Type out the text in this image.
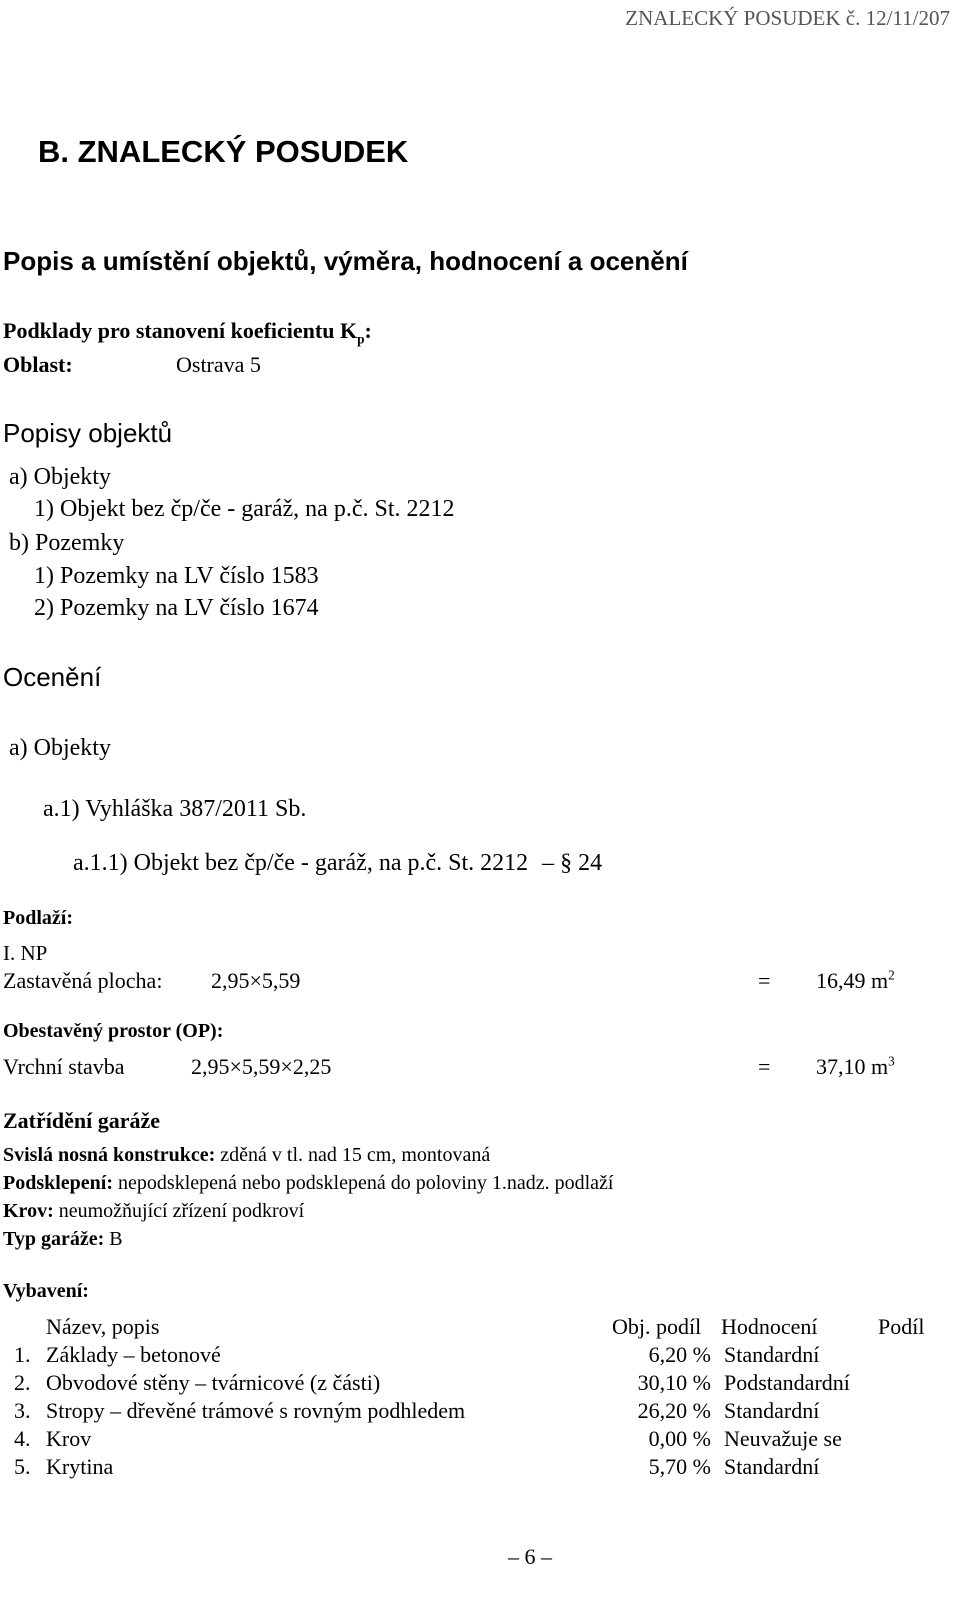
ZNALECKÝ POSUDEK č. 12/11/207
B. ZNALECKÝ POSUDEK
Popis a umístění objektů, výměra, hodnocení a ocenění
Podklady pro stanovení koeficientu $K_p$:
Oblast:	Ostrava 5
Popisy objektů
a) Objekty
1) Objekt bez čp/če - garáž, na p.č. St. 2212
b) Pozemky
1) Pozemky na LV číslo 1583
2) Pozemky na LV číslo 1674
Ocenění
a) Objekty
a.1) Vyhláška 387/2011 Sb.
a.1.1) Objekt bez čp/če - garáž, na p.č. St. 2212 – § 24
Podlaží:
I. NP
Zastavěná plocha: 2,95×5,59	= 16,49 $m^2$
Obestavěný prostor (OP):
Vrchní stavba	2,95×5,59×2,25	= 37,10 $m^3$
Zatřídění garáže
Svislá nosná konstrukce: zděná v tl. nad 15 cm, montovaná
Podsklepení: nepodsklepená nebo podsklepená do poloviny 1.nadz. podlaží
Krov: neumožňující zřízení podkroví
Typ garáže: B
Vybavení:
Název, popis	Obj. podíl Hodnocení	Podíl
1. Základy – betonové	6,20 % Standardní
2. Obvodové stěny – tvárnicové (z části)	30,10 % Podstandardní
3. Stropy – dřevěné trámové s rovným podhledem	26,20 % Standardní
4. Krov	0,00 % Neuvažuje se
5. Krytina	5,70 % Standardní
– 6 –
